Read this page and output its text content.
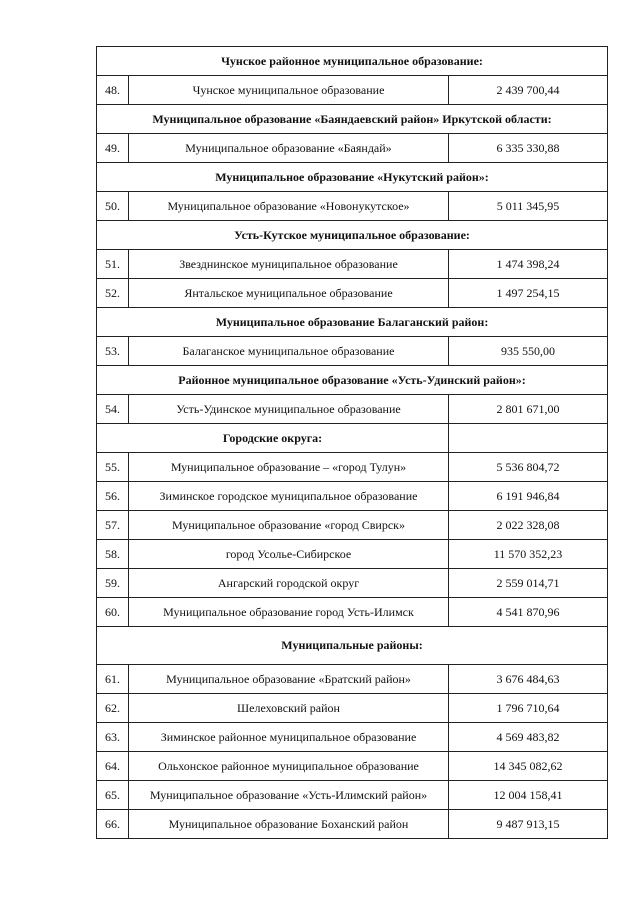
Чунское районное муниципальное образование:		
48.	Чунское муниципальное образование	2 439 700,44
Муниципальное образование «Баяндаевский район» Иркутской области:		
49.	Муниципальное образование «Баяндай»	6 335 330,88
Муниципальное образование «Нукутский район»:		
50.	Муниципальное образование «Новонукутское»	5 011 345,95
Усть-Кутское муниципальное образование:		
51.	Звезднинское муниципальное образование	1 474 398,24
52.	Янтальское муниципальное образование	1 497 254,15
Муниципальное образование Балаганский район:		
53.	Балаганское муниципальное образование	935 550,00
Районное муниципальное образование «Усть-Удинский район»:		
54.	Усть-Удинское муниципальное образование	2 801 671,00
Городские округа:		
55.	Муниципальное образование – «город Тулун»	5 536 804,72
56.	Зиминское городское муниципальное образование	6 191 946,84
57.	Муниципальное образование «город Свирск»	2 022 328,08
58.	город Усолье-Сибирское	11 570 352,23
59.	Ангарский городской округ	2 559 014,71
60.	Муниципальное образование город Усть-Илимск	4 541 870,96
Муниципальные районы:		
61.	Муниципальное образование «Братский район»	3 676 484,63
62.	Шелеховский район	1 796 710,64
63.	Зиминское районное муниципальное образование	4 569 483,82
64.	Ольхонское районное муниципальное образование	14 345 082,62
65.	Муниципальное образование «Усть-Илимский район»	12 004 158,41
66.	Муниципальное образование Боханский район	9 487 913,15
